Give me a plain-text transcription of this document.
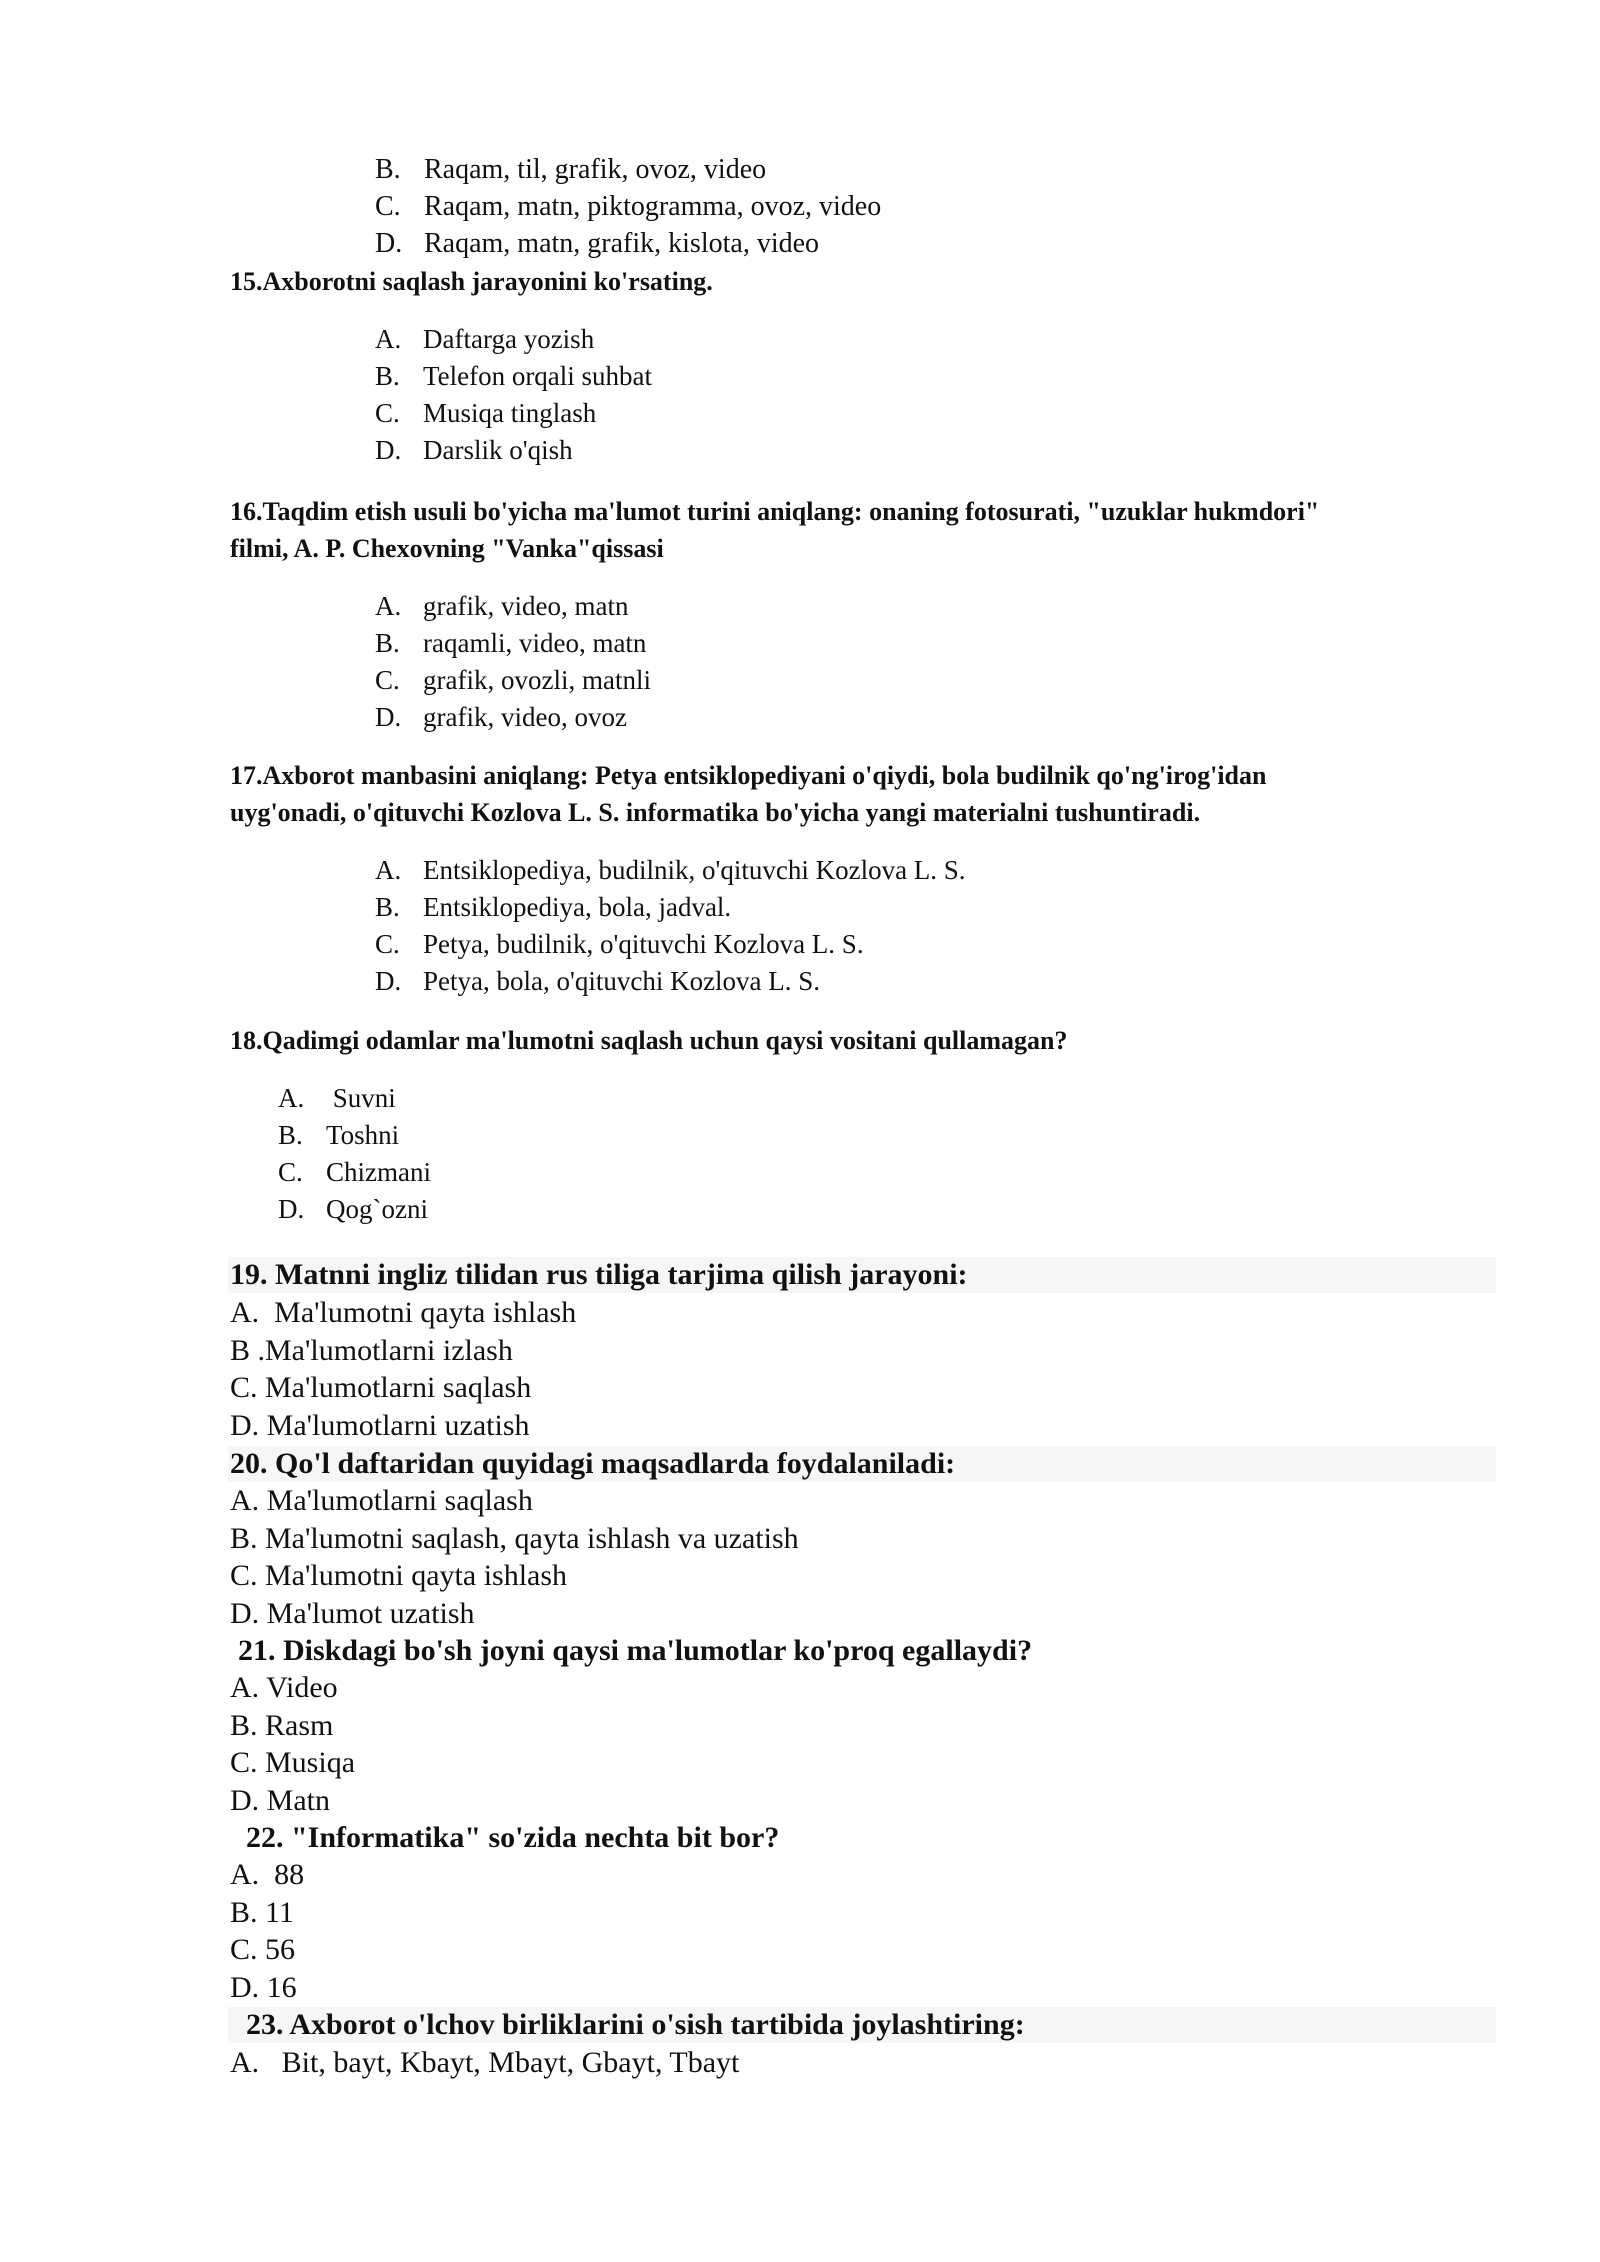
B. Raqam, til, grafik, ovoz, video
C. Raqam, matn, piktogramma, ovoz, video
D. Raqam, matn, grafik, kislota, video
15.Axborotni saqlash jarayonini ko'rsating.
A. Daftarga yozish
B. Telefon orqali suhbat
C. Musiqa tinglash
D. Darslik o'qish
16.Taqdim etish usuli bo'yicha ma'lumot turini aniqlang: onaning fotosurati, "uzuklar hukmdori"
filmi, A. P. Chexovning "Vanka"qissasi
A. grafik, video, matn
B. raqamli, video, matn
C. grafik, ovozli, matnli
D. grafik, video, ovoz
17.Axborot manbasini aniqlang: Petya entsiklopediyani o'qiydi, bola budilnik qo'ng'irog'idan
uyg'onadi, o'qituvchi Kozlova L. S. informatika bo'yicha yangi materialni tushuntiradi.
A. Entsiklopediya, budilnik, o'qituvchi Kozlova L. S.
B. Entsiklopediya, bola, jadval.
C. Petya, budilnik, o'qituvchi Kozlova L. S.
D. Petya, bola, o'qituvchi Kozlova L. S.
18.Qadimgi odamlar ma'lumotni saqlash uchun qaysi vositani qullamagan?
A. Suvni
B. Toshni
C. Chizmani
D. Qog`ozni
19. Matnni ingliz tilidan rus tiliga tarjima qilish jarayoni:
A.  Ma'lumotni qayta ishlash
B .Ma'lumotlarni izlash
C. Ma'lumotlarni saqlash
D. Ma'lumotlarni uzatish
20. Qo'l daftaridan quyidagi maqsadlarda foydalaniladi:
A. Ma'lumotlarni saqlash
B. Ma'lumotni saqlash, qayta ishlash va uzatish
C. Ma'lumotni qayta ishlash
D. Ma'lumot uzatish
21. Diskdagi bo'sh joyni qaysi ma'lumotlar ko'proq egallaydi?
A. Video
B. Rasm
C. Musiqa
D. Matn
22. "Informatika" so'zida nechta bit bor?
A.  88
B. 11
C. 56
D. 16
23. Axborot o'lchov birliklarini o'sish tartibida joylashtiring:
A.   Bit, bayt, Kbayt, Mbayt, Gbayt, Tbayt
